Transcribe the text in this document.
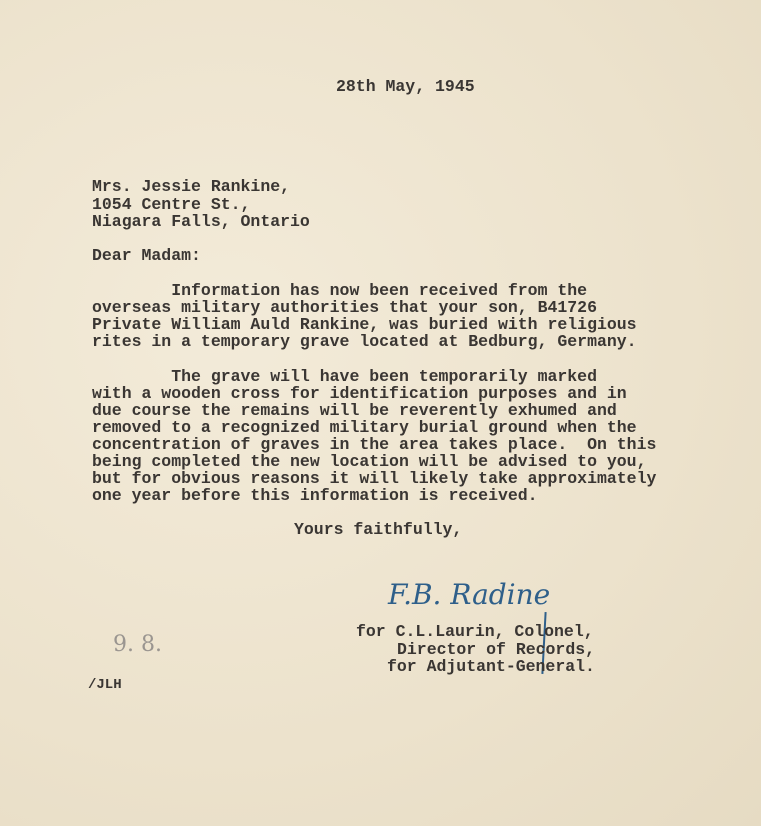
28th May, 1945
Mrs. Jessie Rankine,
1054 Centre St.,
Niagara Falls, Ontario
Dear Madam:
Information has now been received from the
overseas military authorities that your son, B41726
Private William Auld Rankine, was buried with religious
rites in a temporary grave located at Bedburg, Germany.
The grave will have been temporarily marked
with a wooden cross for identification purposes and in
due course the remains will be reverently exhumed and
removed to a recognized military burial ground when the
concentration of graves in the area takes place.  On this
being completed the new location will be advised to you,
but for obvious reasons it will likely take approximately
one year before this information is received.
Yours faithfully,
F.B. Radine
for C.L.Laurin, Colonel,
Director of Records,
for Adjutant-General.
9. 8.
/JLH
